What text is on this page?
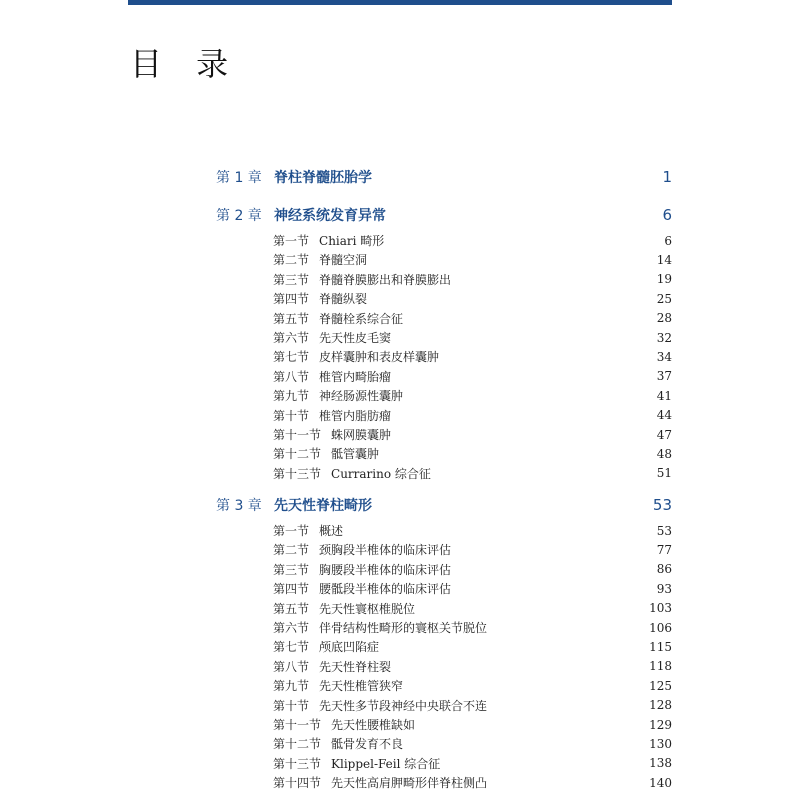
目 录
第 1 章 脊柱脊髓胚胎学	1
第 2 章 神经系统发育异常	6
第一节 Chiari 畸形	6
第二节 脊髓空洞	14
第三节 脊髓脊膜膨出和脊膜膨出	19
第四节 脊髓纵裂	25
第五节 脊髓栓系综合征	28
第六节 先天性皮毛窦	32
第七节 皮样囊肿和表皮样囊肿	34
第八节 椎管内畸胎瘤	37
第九节 神经肠源性囊肿	41
第十节 椎管内脂肪瘤	44
第十一节 蛛网膜囊肿	47
第十二节 骶管囊肿	48
第十三节 Currarino 综合征	51
第 3 章 先天性脊柱畸形	53
第一节 概述	53
第二节 颈胸段半椎体的临床评估	77
第三节 胸腰段半椎体的临床评估	86
第四节 腰骶段半椎体的临床评估	93
第五节 先天性寰枢椎脱位	103
第六节 伴骨结构性畸形的寰枢关节脱位	106
第七节 颅底凹陷症	115
第八节 先天性脊柱裂	118
第九节 先天性椎管狭窄	125
第十节 先天性多节段神经中央联合不连	128
第十一节 先天性腰椎缺如	129
第十二节 骶骨发育不良	130
第十三节 Klippel-Feil 综合征	138
第十四节 先天性高肩胛畸形伴脊柱侧凸	140
